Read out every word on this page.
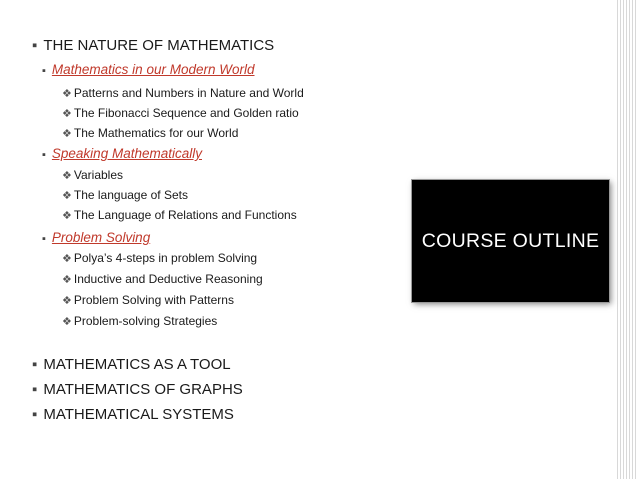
▪ THE NATURE OF MATHEMATICS
▪ Mathematics in our Modern World
❖ Patterns and Numbers in Nature and World
❖ The Fibonacci Sequence and Golden ratio
❖ The Mathematics for our World
▪ Speaking Mathematically
❖ Variables
❖ The language of Sets
❖ The Language of Relations and Functions
▪ Problem Solving
❖ Polya’s 4-steps in problem Solving
❖ Inductive and Deductive Reasoning
❖ Problem Solving with Patterns
❖ Problem-solving Strategies
▪ MATHEMATICS AS A TOOL
▪ MATHEMATICS OF GRAPHS
▪ MATHEMATICAL SYSTEMS
COURSE OUTLINE
